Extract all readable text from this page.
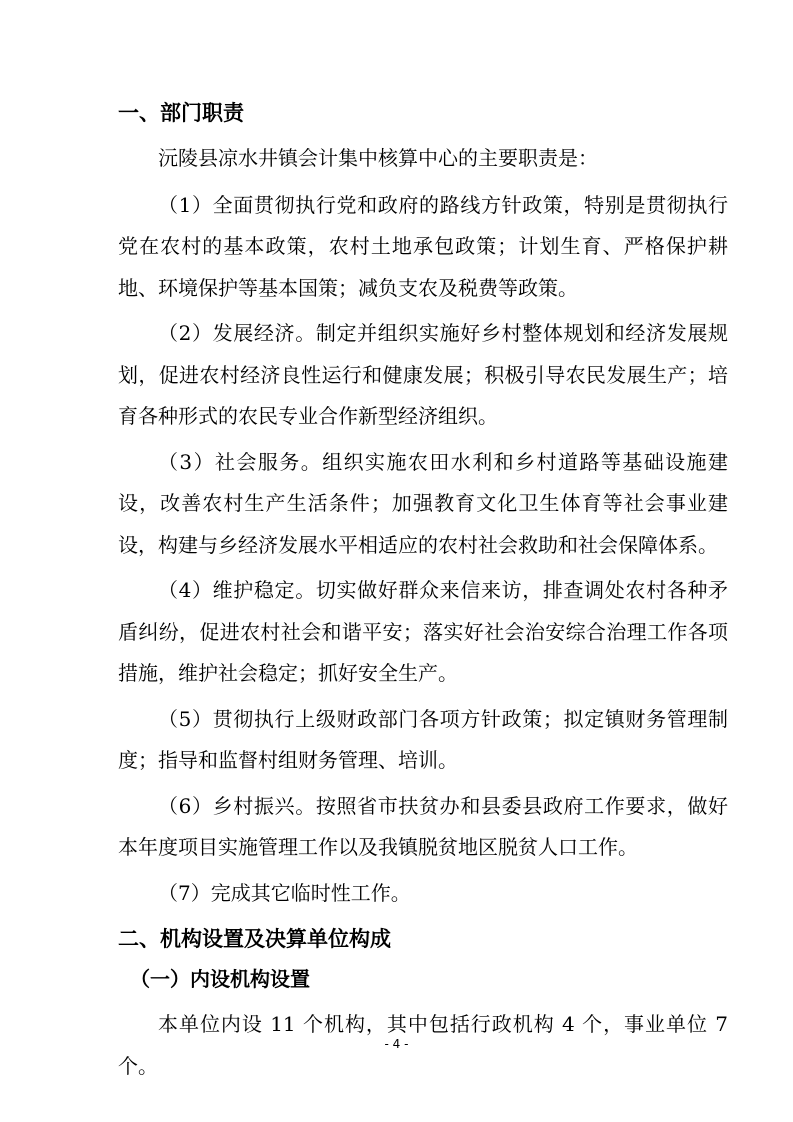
一、部门职责

沅陵县凉水井镇会计集中核算中心的主要职责是：

（1）全面贯彻执行党和政府的路线方针政策，特别是贯彻执行党在农村的基本政策，农村土地承包政策；计划生育、严格保护耕地、环境保护等基本国策；减负支农及税费等政策。

（2）发展经济。制定并组织实施好乡村整体规划和经济发展规划，促进农村经济良性运行和健康发展；积极引导农民发展生产；培育各种形式的农民专业合作新型经济组织。

（3）社会服务。组织实施农田水利和乡村道路等基础设施建设，改善农村生产生活条件；加强教育文化卫生体育等社会事业建设，构建与乡经济发展水平相适应的农村社会救助和社会保障体系。

（4）维护稳定。切实做好群众来信来访，排查调处农村各种矛盾纠纷，促进农村社会和谐平安；落实好社会治安综合治理工作各项措施，维护社会稳定；抓好安全生产。

（5）贯彻执行上级财政部门各项方针政策；拟定镇财务管理制度；指导和监督村组财务管理、培训。

（6）乡村振兴。按照省市扶贫办和县委县政府工作要求，做好本年度项目实施管理工作以及我镇脱贫地区脱贫人口工作。

（7）完成其它临时性工作。

二、机构设置及决算单位构成
（一）内设机构设置

本单位内设 11 个机构，其中包括行政机构 4 个，事业单位 7 个。

- 4 -
